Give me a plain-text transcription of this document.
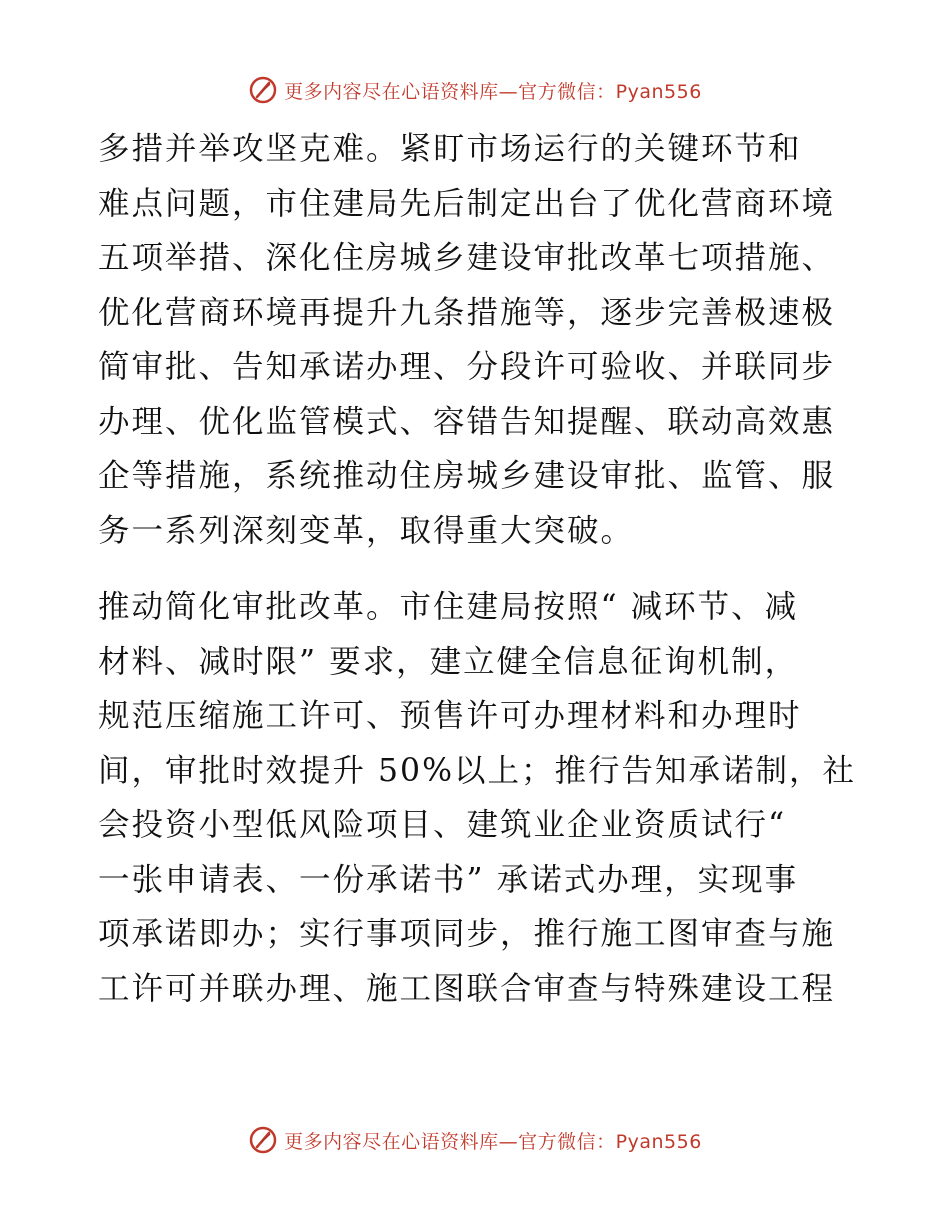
更多内容尽在心语资料库—官方微信：Pyan556

多措并举攻坚克难。紧盯市场运行的关键环节和
难点问题，市住建局先后制定出台了优化营商环境
五项举措、深化住房城乡建设审批改革七项措施、
优化营商环境再提升九条措施等，逐步完善极速极
简审批、告知承诺办理、分段许可验收、并联同步
办理、优化监管模式、容错告知提醒、联动高效惠
企等措施，系统推动住房城乡建设审批、监管、服
务一系列深刻变革，取得重大突破。

推动简化审批改革。市住建局按照“ 减环节、减
材料、减时限” 要求，建立健全信息征询机制，
规范压缩施工许可、预售许可办理材料和办理时
间，审批时效提升 50%以上；推行告知承诺制，社
会投资小型低风险项目、建筑业企业资质试行“
一张申请表、一份承诺书” 承诺式办理，实现事
项承诺即办；实行事项同步，推行施工图审查与施
工许可并联办理、施工图联合审查与特殊建设工程

更多内容尽在心语资料库—官方微信：Pyan556
